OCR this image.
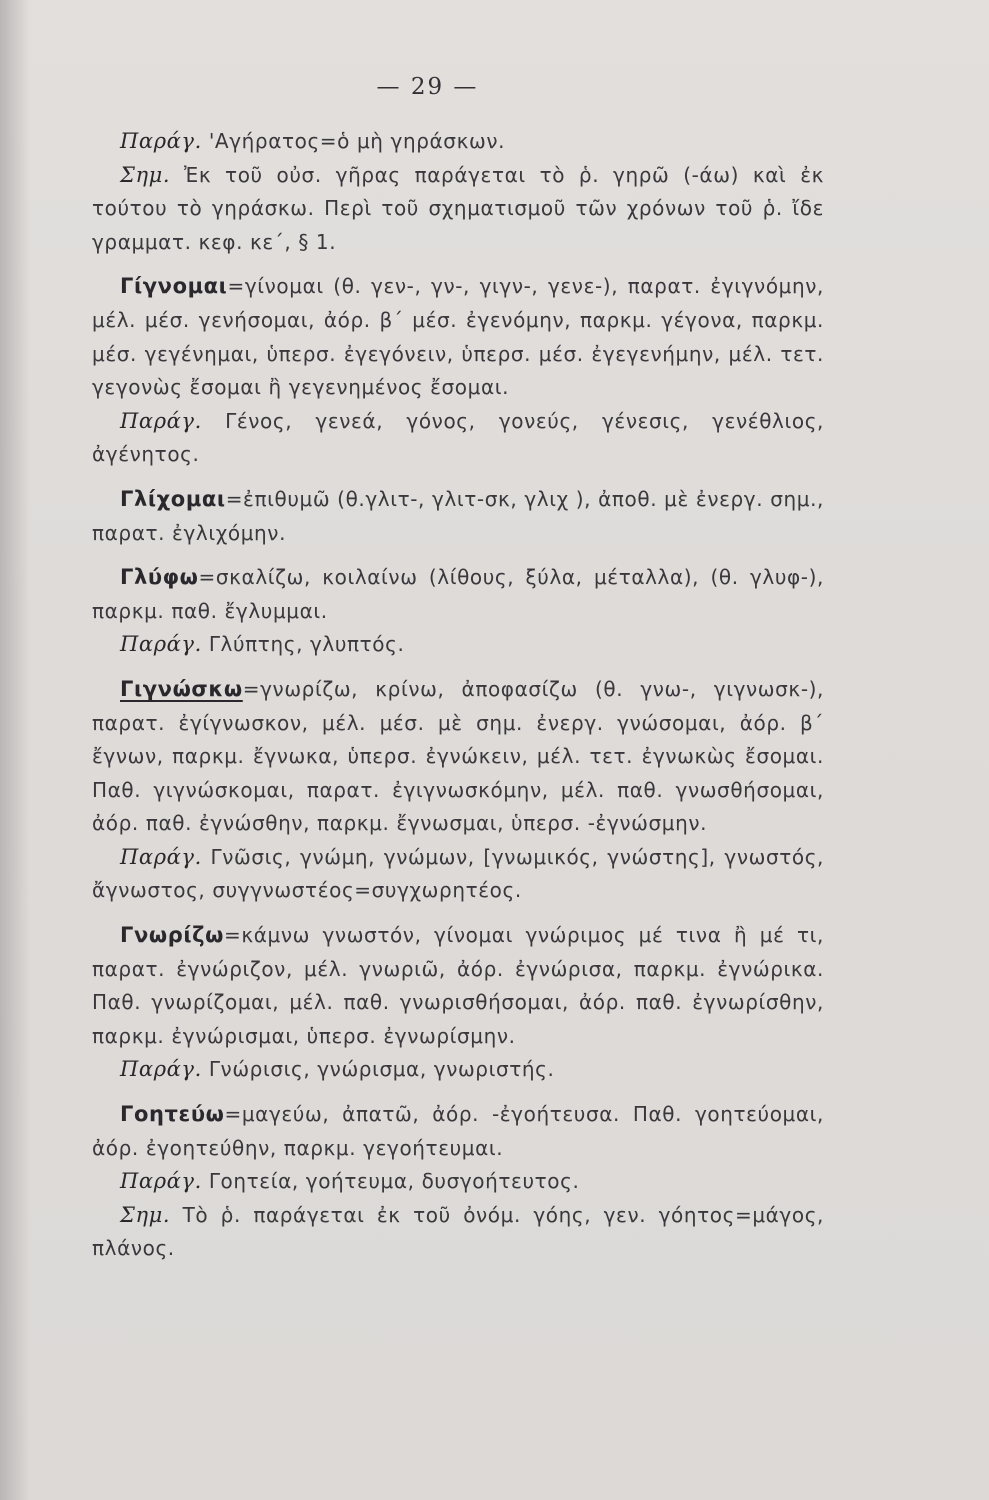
— 29 —

Παράγ. 'Αγήρατος=ὁ μὴ γηράσκων.

Σημ. Ἐκ τοῦ οὐσ. γῆρας παράγεται τὸ ῥ. γηρῶ (-άω) καὶ ἐκ τούτου τὸ γηράσκω. Περὶ τοῦ σχηματισμοῦ τῶν χρόνων τοῦ ῥ. ἴδε γραμματ. κεφ. κε΄, § 1.

Γίγνομαι=γίνομαι (θ. γεν-, γν-, γιγν-, γενε-), παρατ. ἐγιγνόμην, μέλ. μέσ. γενήσομαι, ἀόρ. β΄ μέσ. ἐγενόμην, παρκμ. γέγονα, παρκμ. μέσ. γεγένημαι, ὑπερσ. ἐγεγόνειν, ὑπερσ. μέσ. ἐγεγενήμην, μέλ. τετ. γεγονὼς ἔσομαι ἢ γεγενημένος ἔσομαι.

Παράγ. Γένος, γενεά, γόνος, γονεύς, γένεσις, γενέθλιος, ἀγένητος.

Γλίχομαι=ἐπιθυμῶ (θ.γλιτ-, γλιτ-σκ, γλιχ ), ἀποθ. μὲ ἐνεργ. σημ., παρατ. ἐγλιχόμην.

Γλύφω=σκαλίζω, κοιλαίνω (λίθους, ξύλα, μέταλλα), (θ. γλυφ-), παρκμ. παθ. ἔγλυμμαι.

Παράγ. Γλύπτης, γλυπτός.

Γιγνώσκω=γνωρίζω, κρίνω, ἀποφασίζω (θ. γνω-, γιγνωσκ-), παρατ. ἐγίγνωσκον, μέλ. μέσ. μὲ σημ. ἐνεργ. γνώσομαι, ἀόρ. β΄ ἔγνων, παρκμ. ἔγνωκα, ὑπερσ. ἐγνώκειν, μέλ. τετ. ἐγνωκὼς ἔσομαι. Παθ. γιγνώσκομαι, παρατ. ἐγιγνωσκόμην, μέλ. παθ. γνωσθήσομαι, ἀόρ. παθ. ἐγνώσθην, παρκμ. ἔγνωσμαι, ὑπερσ. -ἐγνώσμην.

Παράγ. Γνῶσις, γνώμη, γνώμων, [γνωμικός, γνώστης], γνωστός, ἄγνωστος, συγγνωστέος=συγχωρητέος.

Γνωρίζω=κάμνω γνωστόν, γίνομαι γνώριμος μέ τινα ἢ μέ τι, παρατ. ἐγνώριζον, μέλ. γνωριῶ, ἀόρ. ἐγνώρισα, παρκμ. ἐγνώρικα. Παθ. γνωρίζομαι, μέλ. παθ. γνωρισθήσομαι, ἀόρ. παθ. ἐγνωρίσθην, παρκμ. ἐγνώρισμαι, ὑπερσ. ἐγνωρίσμην.

Παράγ. Γνώρισις, γνώρισμα, γνωριστής.

Γοητεύω=μαγεύω, ἀπατῶ, ἀόρ. -ἐγοήτευσα. Παθ. γοητεύομαι, ἀόρ. ἐγοητεύθην, παρκμ. γεγοήτευμαι.

Παράγ. Γοητεία, γοήτευμα, δυσγοήτευτος.

Σημ. Τὸ ῥ. παράγεται ἐκ τοῦ ὀνόμ. γόης, γεν. γόητος=μάγος, πλάνος.
